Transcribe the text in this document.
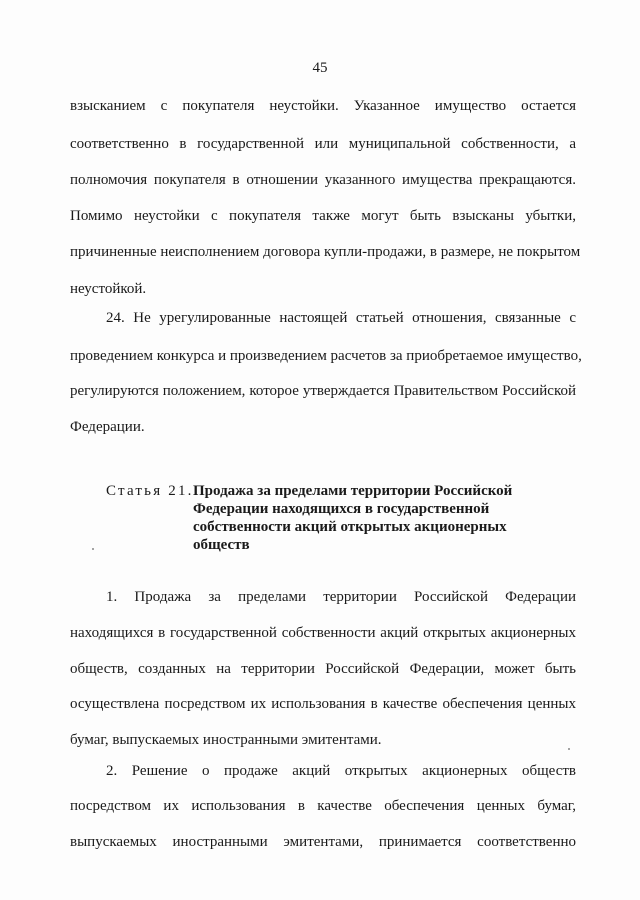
45
взысканием с покупателя неустойки. Указанное имущество остается
соответственно в государственной или муниципальной собственности, а
полномочия покупателя в отношении указанного имущества прекращаются.
Помимо неустойки с покупателя также могут быть взысканы убытки,
причиненные неисполнением договора купли-продажи, в размере, не покрытом
неустойкой.
24. Не урегулированные настоящей статьей отношения, связанные с
проведением конкурса и произведением расчетов за приобретаемое имущество,
регулируются положением, которое утверждается Правительством Российской
Федерации.
Статья 21. Продажа за пределами территории Российской
Федерации находящихся в государственной
собственности акций открытых акционерных
обществ
1. Продажа за пределами территории Российской Федерации
находящихся в государственной собственности акций открытых акционерных
обществ, созданных на территории Российской Федерации, может быть
осуществлена посредством их использования в качестве обеспечения ценных
бумаг, выпускаемых иностранными эмитентами.
2. Решение о продаже акций открытых акционерных обществ
посредством их использования в качестве обеспечения ценных бумаг,
выпускаемых иностранными эмитентами, принимается соответственно
